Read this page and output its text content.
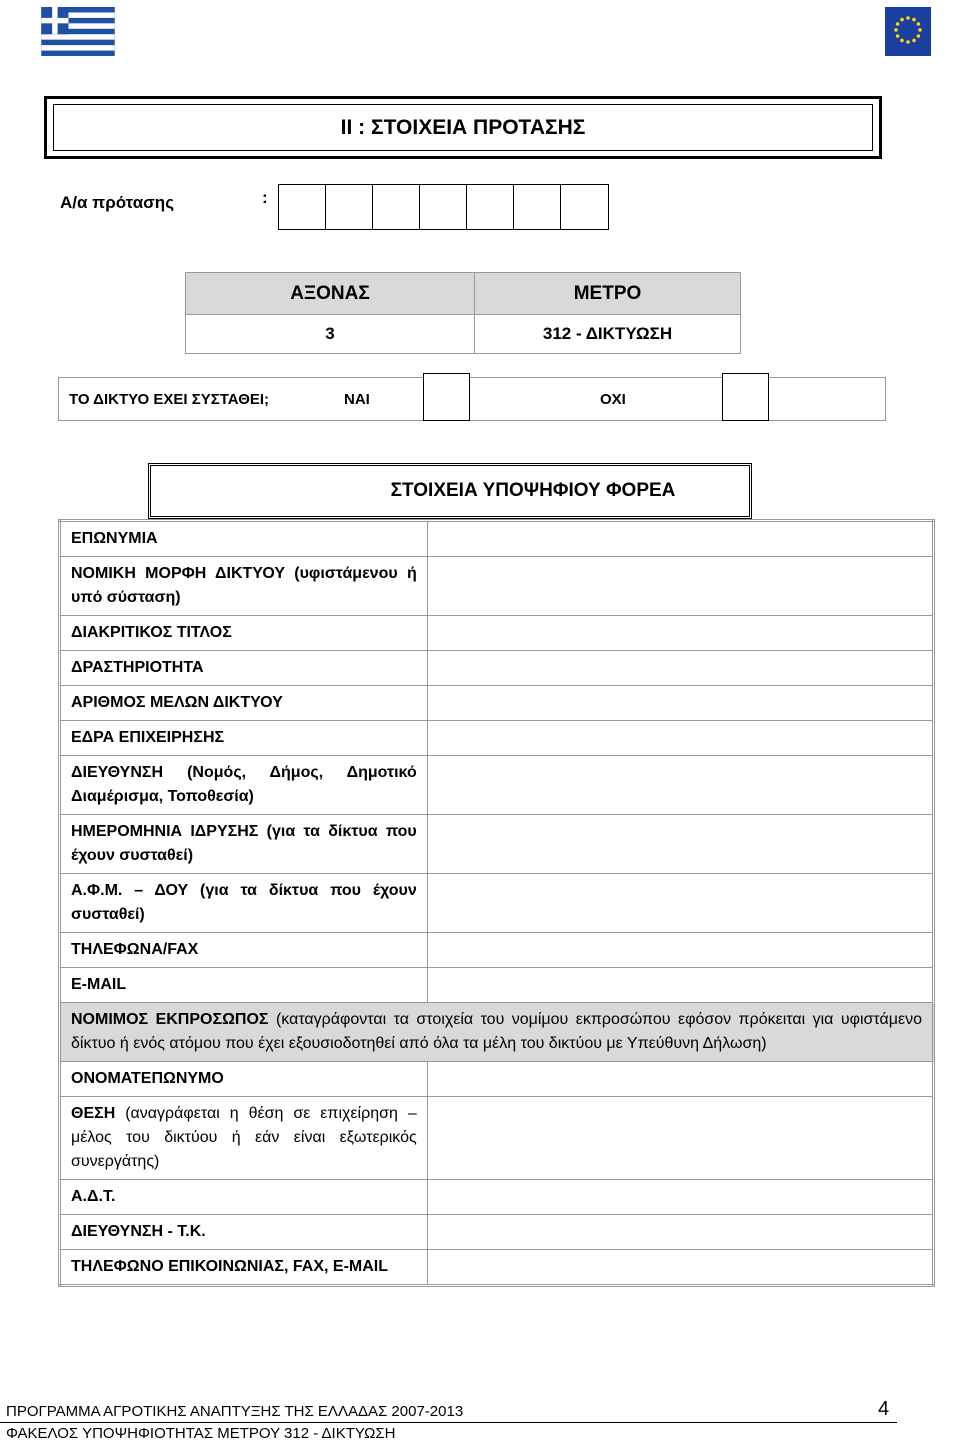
II : ΣΤΟΙΧΕΙΑ ΠΡΟΤΑΣΗΣ
Α/α πρότασης	:
ΑΞΟΝΑΣ	ΜΕΤΡΟ
3	312 - ΔΙΚΤΥΩΣΗ
ΤΟ ΔΙΚΤΥΟ ΕΧΕΙ ΣΥΣΤΑΘΕΙ;	ΝΑΙ	ΟΧΙ
ΣΤΟΙΧΕΙΑ ΥΠΟΨΗΦΙΟΥ ΦΟΡΕΑ
ΕΠΩΝΥΜΙΑ	
ΝΟΜΙΚΗ ΜΟΡΦΗ ΔΙΚΤΥΟΥ (υφιστάμενου ή υπό σύσταση)	
ΔΙΑΚΡΙΤΙΚΟΣ ΤΙΤΛΟΣ	
ΔΡΑΣΤΗΡΙΟΤΗΤΑ	
ΑΡΙΘΜΟΣ ΜΕΛΩΝ ΔΙΚΤΥΟΥ	
ΕΔΡΑ ΕΠΙΧΕΙΡΗΣΗΣ	
ΔΙΕΥΘΥΝΣΗ (Νομός, Δήμος, Δημοτικό Διαμέρισμα, Τοποθεσία)	
ΗΜΕΡΟΜΗΝΙΑ ΙΔΡΥΣΗΣ (για τα δίκτυα που έχουν συσταθεί)	
Α.Φ.Μ. – ΔΟΥ (για τα δίκτυα που έχουν συσταθεί)	
ΤΗΛΕΦΩΝΑ/FAX	
E-MAIL	
ΝΟΜΙΜΟΣ ΕΚΠΡΟΣΩΠΟΣ (καταγράφονται τα στοιχεία του νομίμου εκπροσώπου εφόσον πρόκειται για υφιστάμενο δίκτυο ή ενός ατόμου που έχει εξουσιοδοτηθεί από όλα τα μέλη του δικτύου με Υπεύθυνη Δήλωση)	
ΟΝΟΜΑΤΕΠΩΝΥΜΟ	
ΘΕΣΗ (αναγράφεται η θέση σε επιχείρηση – μέλος του δικτύου ή εάν είναι εξωτερικός συνεργάτης)	
Α.Δ.Τ.	
ΔΙΕΥΘΥΝΣΗ - Τ.Κ.	
ΤΗΛΕΦΩΝΟ ΕΠΙΚΟΙΝΩΝΙΑΣ, FAX, E-MAIL	
ΠΡΟΓΡΑΜΜΑ ΑΓΡΟΤΙΚΗΣ ΑΝΑΠΤΥΞΗΣ ΤΗΣ ΕΛΛΑΔΑΣ 2007-2013
ΦΑΚΕΛΟΣ ΥΠΟΨΗΦΙΟΤΗΤΑΣ ΜΕΤΡΟΥ 312 - ΔΙΚΤΥΩΣΗ
4
